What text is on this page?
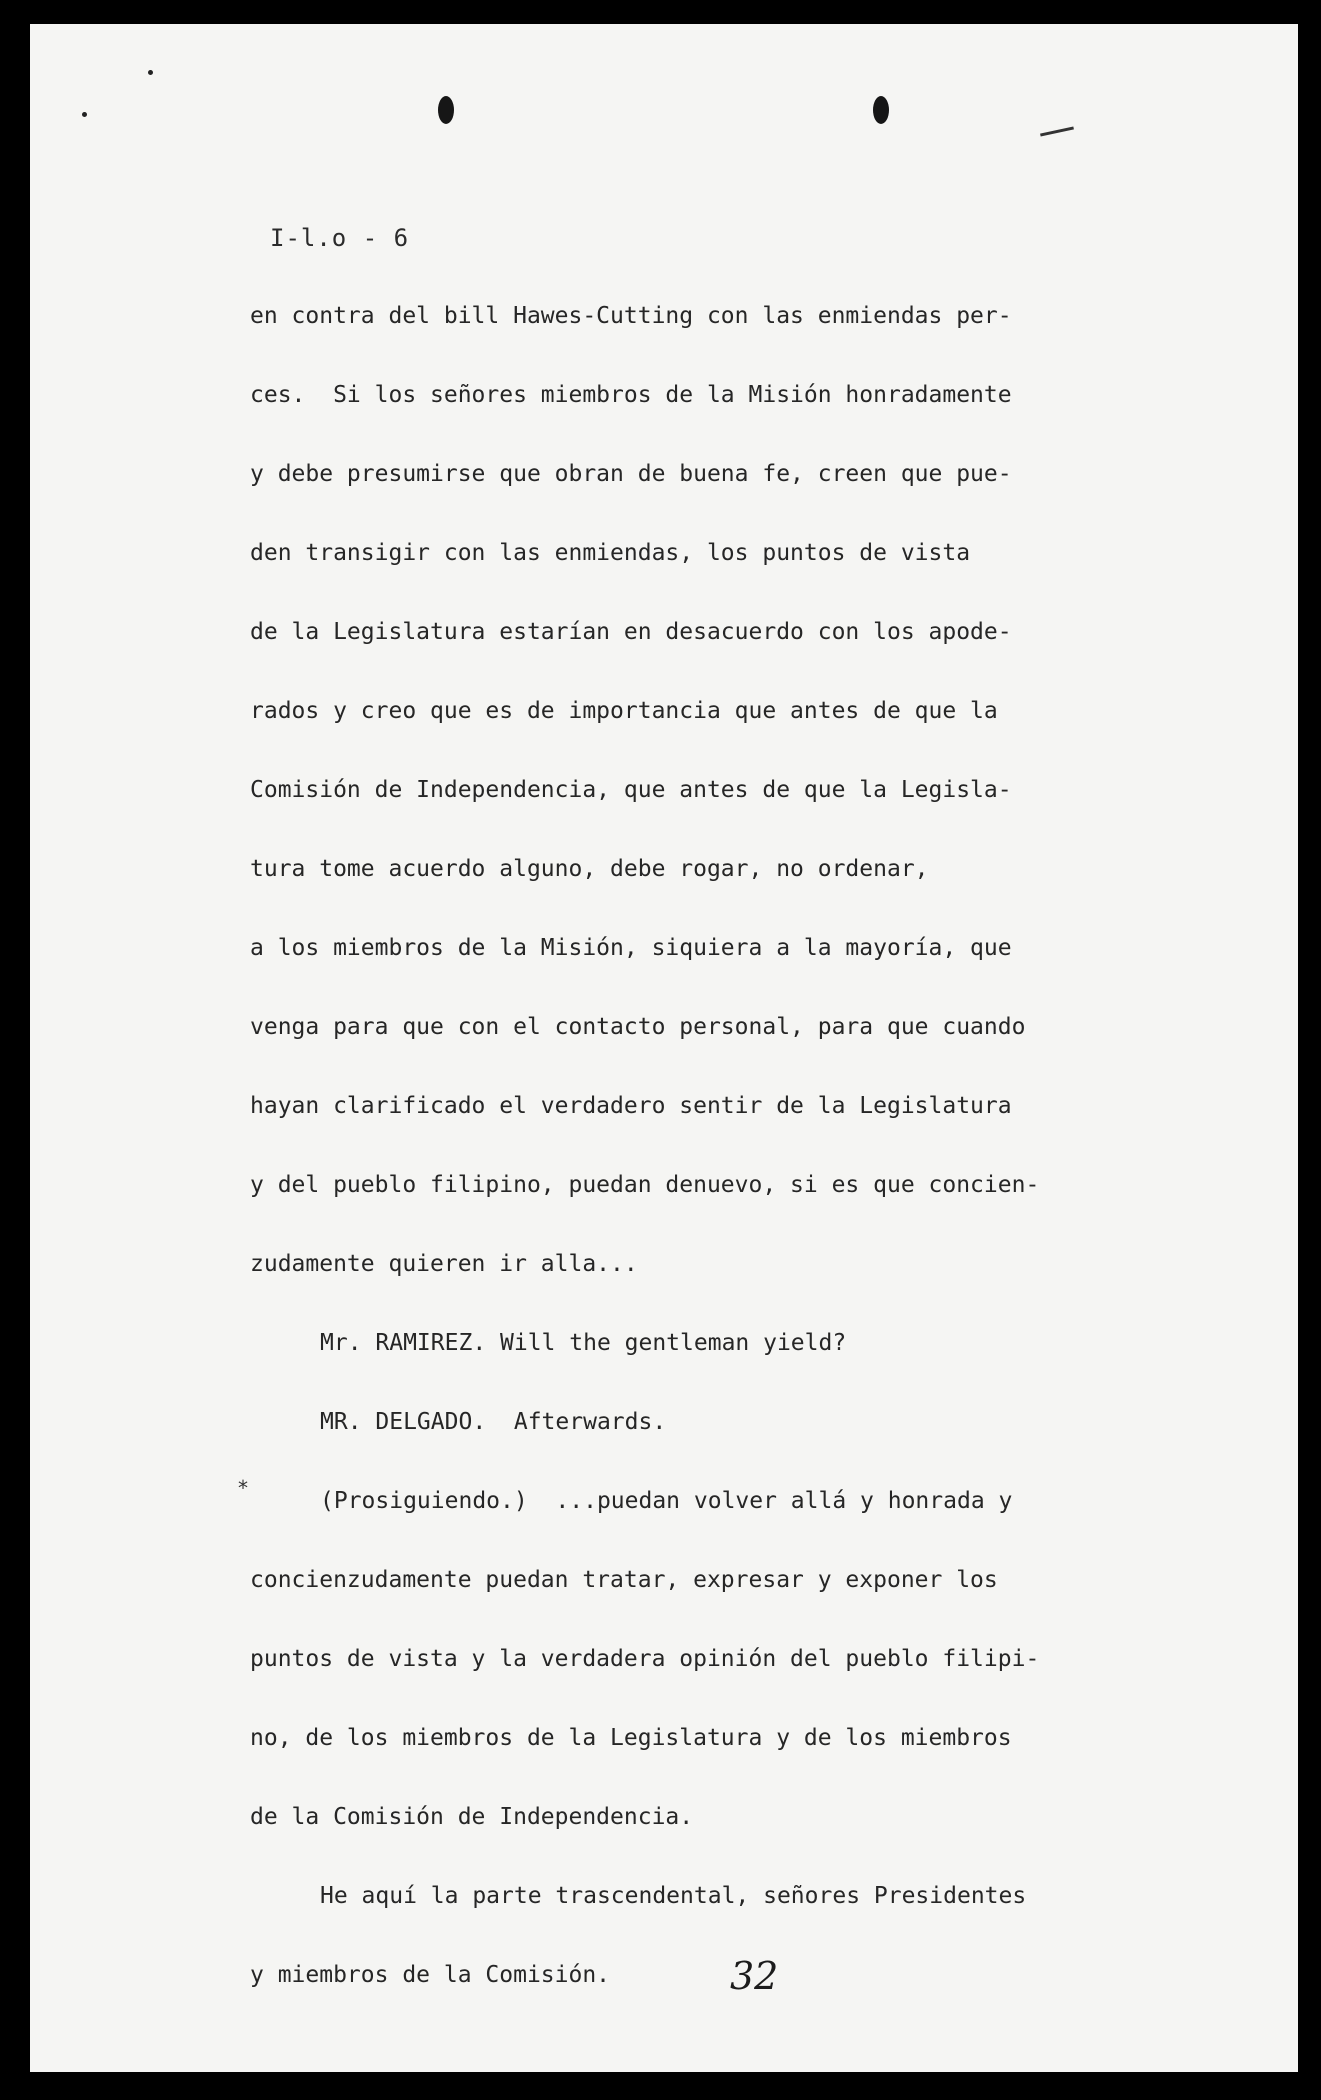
I-l.o - 6
en contra del bill Hawes-Cutting con las enmiendas per-
ces.  Si los señores miembros de la Misión honradamente
y debe presumirse que obran de buena fe, creen que pue-
den transigir con las enmiendas, los puntos de vista
de la Legislatura estarían en desacuerdo con los apode-
rados y creo que es de importancia que antes de que la
Comisión de Independencia, que antes de que la Legisla-
tura tome acuerdo alguno, debe rogar, no ordenar,
a los miembros de la Misión, siquiera a la mayoría, que
venga para que con el contacto personal, para que cuando
hayan clarificado el verdadero sentir de la Legislatura
y del pueblo filipino, puedan denuevo, si es que concien-
zudamente quieren ir alla...
Mr. RAMIREZ. Will the gentleman yield?
MR. DELGADO.  Afterwards.
(Prosiguiendo.)  ...puedan volver allá y honrada y
concienzudamente puedan tratar, expresar y exponer los
puntos de vista y la verdadera opinión del pueblo filipi-
no, de los miembros de la Legislatura y de los miembros
de la Comisión de Independencia.
He aquí la parte trascendental, señores Presidentes
y miembros de la Comisión.
*
32
